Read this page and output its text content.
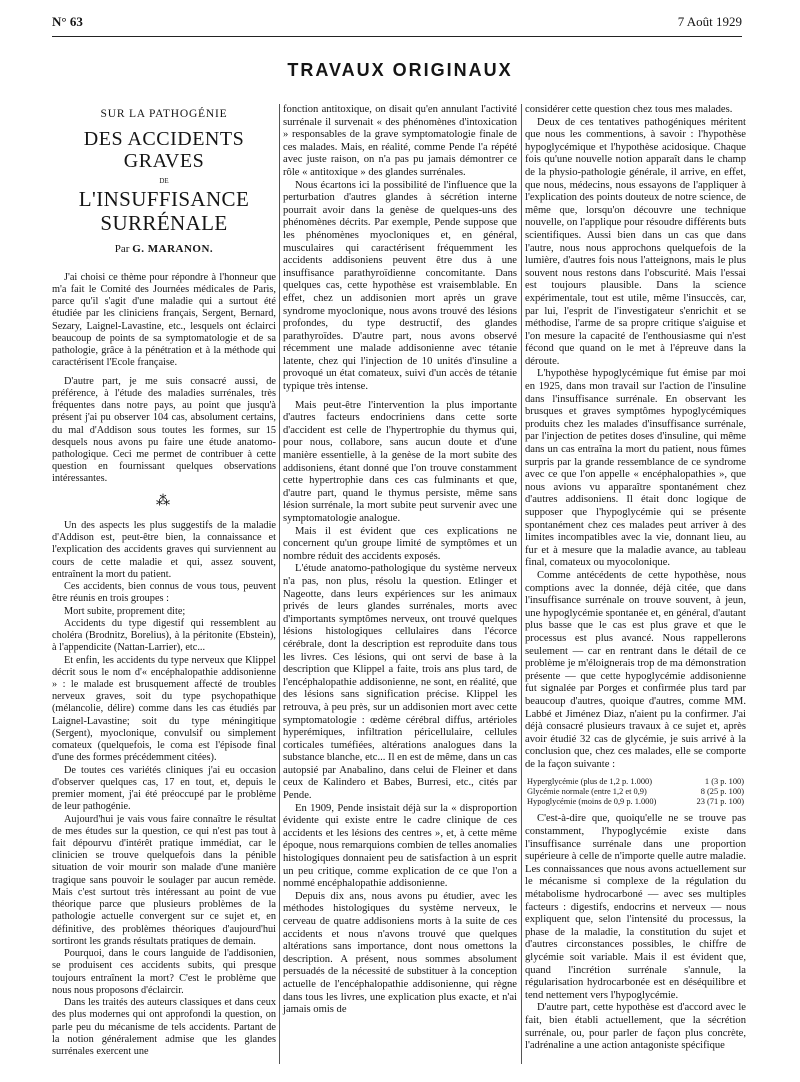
N° 63	7 Août 1929
TRAVAUX ORIGINAUX
SUR LA PATHOGÉNIE
DES ACCIDENTS GRAVES
DE
L'INSUFFISANCE SURRÉNALE
Par G. MARANON.

J'ai choisi ce thème pour répondre à l'honneur que m'a fait le Comité des Journées médicales de Paris, parce qu'il s'agit d'une maladie qui a surtout été étudiée par les cliniciens français, Sergent, Bernard, Sezary, Laignel-Lavastine, etc., lesquels ont éclairci beaucoup de points de sa symptomatologie et de sa pathologie, grâce à la pénétration et à la méthode qui caractérisent l'Ecole française.

D'autre part, je me suis consacré aussi, de préférence, à l'étude des maladies surrénales, très fréquentes dans notre pays, au point que jusqu'à présent j'ai pu observer 104 cas, absolument certains, du mal d'Addison sous toutes les formes, sur 15 desquels nous avons pu faire une étude anatomo-pathologique. Ceci me permet de contribuer à cette question en fournissant quelques observations intéressantes.

⁂

Un des aspects les plus suggestifs de la maladie d'Addison est, peut-être bien, la connaissance et l'explication des accidents graves qui surviennent au cours de cette maladie et qui, assez souvent, entraînent la mort du patient.

Ces accidents, bien connus de vous tous, peuvent être réunis en trois groupes :

Mort subite, proprement dite;

Accidents du type digestif qui ressemblent au choléra (Brodnitz, Borelius), à la péritonite (Ebstein), à l'appendicite (Nattan-Larrier), etc...

Et enfin, les accidents du type nerveux que Klippel décrit sous le nom d'« encéphalopathie addisonienne » : le malade est brusquement affecté de troubles nerveux graves, soit du type psychopathique (mélancolie, délire) comme dans les cas étudiés par Laignel-Lavastine; soit du type méningitique (Sergent), myoclonique, convulsif ou simplement comateux (quelquefois, le coma est l'épisode final d'une des formes précédemment citées).

De toutes ces variétés cliniques j'ai eu occasion d'observer quelques cas, 17 en tout, et, depuis le premier moment, j'ai été préoccupé par le problème de leur pathogénie.

Aujourd'hui je vais vous faire connaître le résultat de mes études sur la question, ce qui n'est pas tout à fait dépourvu d'intérêt pratique immédiat, car le clinicien se trouve quelquefois dans la pénible situation de voir mourir son malade d'une manière tragique sans pouvoir le soulager par aucun remède. Mais c'est surtout très intéressant au point de vue théorique parce que plusieurs problèmes de la pathologie actuelle convergent sur ce sujet et, en définitive, des problèmes théoriques d'aujourd'hui sortiront les grands résultats pratiques de demain.

Pourquoi, dans le cours languide de l'addisonien, se produisent ces accidents subits, qui presque toujours entraînent la mort? C'est le problème que nous nous proposons d'éclaircir.

Dans les traités des auteurs classiques et dans ceux des plus modernes qui ont approfondi la question, on parle peu du mécanisme de tels accidents. Partant de la notion généralement admise que les glandes surrénales exercent une

fonction antitoxique, on disait qu'en annulant l'activité surrénale il survenait « des phénomènes d'intoxication » responsables de la grave symptomatologie finale de ces malades. Mais, en réalité, comme Pende l'a répété avec juste raison, on n'a pas pu jamais démontrer ce rôle « antitoxique » des glandes surrénales.

Nous écartons ici la possibilité de l'influence que la perturbation d'autres glandes à sécrétion interne pourrait avoir dans la genèse de quelques-uns des phénomènes décrits. Par exemple, Pende suppose que les phénomènes myocloniques et, en général, musculaires qui caractérisent fréquemment les accidents addisoniens peuvent être dus à une insuffisance parathyroïdienne concomitante. Dans quelques cas, cette hypothèse est vraisemblable. En effet, chez un addisonien mort après un grave syndrome myoclonique, nous avons trouvé des lésions profondes, du type destructif, des glandes parathyroïdes. D'autre part, nous avons observé récemment une malade addisonienne avec tétanie latente, chez qui l'injection de 10 unités d'insuline a provoqué un état comateux, suivi d'un accès de tétanie typique très intense.

Mais peut-être l'intervention la plus importante d'autres facteurs endocriniens dans cette sorte d'accident est celle de l'hypertrophie du thymus qui, pour nous, collabore, sans aucun doute et d'une manière essentielle, à la genèse de la mort subite des addisoniens, étant donné que l'on trouve constamment cette hypertrophie dans ces cas fulminants et que, d'autre part, quand le thymus persiste, même sans lésion surrénale, la mort subite peut survenir avec une symptomatologie analogue.

Mais il est évident que ces explications ne concernent qu'un groupe limité de symptômes et un nombre réduit des accidents exposés.

L'étude anatomo-pathologique du système nerveux n'a pas, non plus, résolu la question. Etlinger et Nageotte, dans leurs expériences sur les animaux privés de leurs glandes surrénales, morts avec d'importants symptômes nerveux, ont trouvé quelques lésions histologiques cellulaires dans l'écorce cérébrale, dont la description est reproduite dans tous les livres. Ces lésions, qui ont servi de base à la description que Klippel a faite, trois ans plus tard, de l'encéphalopathie addisonienne, ne sont, en réalité, que des lésions sans signification précise. Klippel les retrouva, à peu près, sur un addisonien mort avec cette symptomatologie : œdème cérébral diffus, artérioles hyperémiques, infiltration péricellulaire, cellules corticales tuméfiées, altérations analogues dans la substance blanche, etc... Il en est de même, dans un cas autopsié par Anabalino, dans celui de Fleiner et dans ceux de Kalindero et Babes, Burresi, etc., cités par Pende.

En 1909, Pende insistait déjà sur la « disproportion évidente qui existe entre le cadre clinique de ces accidents et les lésions des centres », et, à cette même époque, nous remarquions combien de telles anomalies histologiques donnaient peu de satisfaction à un esprit un peu critique, comme explication de ce que l'on a nommé encéphalopathie addisonienne.

Depuis dix ans, nous avons pu étudier, avec les méthodes histologiques du système nerveux, le cerveau de quatre addisoniens morts à la suite de ces accidents et nous n'avons trouvé que quelques altérations sans importance, dont nous omettons la description. A présent, nous sommes absolument persuadés de la nécessité de substituer à la conception actuelle de l'encéphalopathie addisonienne, qui règne dans tous les livres, une explication plus exacte, et n'ai jamais omis de

considérer cette question chez tous mes malades.

Deux de ces tentatives pathogéniques méritent que nous les commentions, à savoir : l'hypothèse hypoglycémique et l'hypothèse acidosique. Chaque fois qu'une nouvelle notion apparaît dans le champ de la physio-pathologie générale, il arrive, en effet, que nous, médecins, nous essayons de l'appliquer à l'explication des points douteux de notre science, de même que, lorsqu'on découvre une technique nouvelle, on l'applique pour résoudre différents buts scientifiques. Aussi bien dans un cas que dans l'autre, nous nous approchons quelquefois de la lumière, d'autres fois nous l'atteignons, mais le plus souvent nous restons dans l'obscurité. Mais l'essai est toujours plausible. Dans la science expérimentale, tout est utile, même l'insuccès, car, par lui, l'esprit de l'investigateur s'enrichit et se méthodise, l'arme de sa propre critique s'aiguise et l'on mesure la capacité de l'enthousiasme qui n'est fécond que quand on le met à l'épreuve dans la déroute.

L'hypothèse hypoglycémique fut émise par moi en 1925, dans mon travail sur l'action de l'insuline dans l'insuffisance surrénale. En observant les brusques et graves symptômes hypoglycémiques produits chez les malades d'insuffisance surrénale, par l'injection de petites doses d'insuline, qui même dans un cas entraîna la mort du patient, nous fûmes surpris par la grande ressemblance de ce syndrome avec ce que l'on appelle « encéphalopathies », que nous avions vu apparaître spontanément chez d'autres addisoniens. Il était donc logique de supposer que l'hypoglycémie qui se présente spontanément chez ces malades peut arriver à des limites incompatibles avec la vie, donnant lieu, au fur et à mesure que la maladie avance, au tableau final, comateux ou myocolonique.

Comme antécédents de cette hypothèse, nous comptions avec la donnée, déjà citée, que dans l'insuffisance surrénale on trouve souvent, à jeun, une hypoglycémie spontanée et, en général, d'autant plus basse que le cas est plus grave et que le processus est plus avancé. Nous rappellerons seulement — car en rentrant dans le détail de ce problème je m'éloignerais trop de ma démonstration présente — que cette hypoglycémie addisonienne fut signalée par Porges et confirmée plus tard par beaucoup d'autres, quoique d'autres, comme MM. Labbé et Jiménez Diaz, n'aient pu la confirmer. J'ai déjà consacré plusieurs travaux à ce sujet et, après avoir étudié 32 cas de glycémie, je suis arrivé à la conclusion que, chez ces malades, elle se comporte de la façon suivante :

Hyperglycémie (plus de 1,2 p. 1.000)	1 (3 p. 100)
Glycémie normale (entre 1,2 et 0,9)	8 (25 p. 100)
Hypoglycémie (moins de 0,9 p. 1.000)	23 (71 p. 100)

C'est-à-dire que, quoiqu'elle ne se trouve pas constamment, l'hypoglycémie existe dans l'insuffisance surrénale dans une proportion supérieure à celle de n'importe quelle autre maladie. Les connaissances que nous avons actuellement sur le mécanisme si complexe de la régulation du métabolisme hydrocarboné — avec ses multiples facteurs : digestifs, endocrins et nerveux — nous expliquent que, selon l'intensité du processus, la phase de la maladie, la constitution du sujet et d'autres circonstances possibles, le chiffre de glycémie soit variable. Mais il est évident que, quand l'incrétion surrénale s'annule, la régularisation hydrocarbonée est en déséquilibre et tend nettement vers l'hypoglycémie.

D'autre part, cette hypothèse est d'accord avec le fait, bien établi actuellement, que la sécrétion surrénale, ou, pour parler de façon plus concrète, l'adrénaline a une action antagoniste spécifique
